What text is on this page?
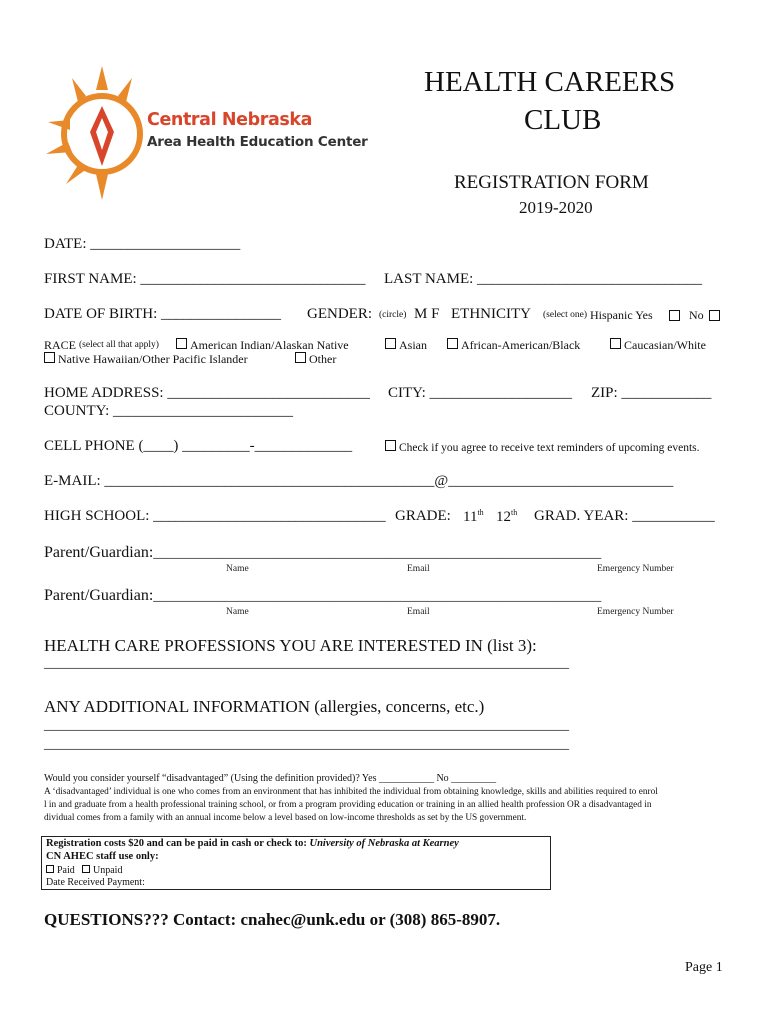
Central Nebraska
Area Health Education Center
HEALTH CAREERS
CLUB
REGISTRATION FORM
2019-2020
DATE: ____________________
FIRST NAME: ______________________________ LAST NAME: ______________________________
DATE OF BIRTH: ________________ GENDER: (circle) M F ETHNICITY (select one) Hispanic Yes	No
RACE (select all that apply)	American Indian/Alaskan Native	Asian	African-American/Black	Caucasian/White
Native Hawaiian/Other Pacific Islander	Other
HOME ADDRESS: ___________________________ CITY: ___________________ ZIP: ____________
COUNTY: ________________________
CELL PHONE (____) _________-_____________	Check if you agree to receive text reminders of upcoming events.
E-MAIL: ____________________________________________@______________________________
HIGH SCHOOL: _______________________________ GRADE: 11th 12th GRAD. YEAR: ___________
Parent/Guardian:________________________________________________________________
Name	Email	Emergency Number
Parent/Guardian:________________________________________________________________
Name	Email	Emergency Number
HEALTH CARE PROFESSIONS YOU ARE INTERESTED IN (list 3):
___________________________________________________________________________
ANY ADDITIONAL INFORMATION (allergies, concerns, etc.)
___________________________________________________________________________
___________________________________________________________________________
Would you consider yourself “disadvantaged” (Using the definition provided)? Yes ___________ No _________
A ‘disadvantaged’ individual is one who comes from an environment that has inhibited the individual from obtaining knowledge, skills and abilities required to enrol
l in and graduate from a health professional training school, or from a program providing education or training in an allied health profession OR a disadvantaged in
dividual comes from a family with an annual income below a level based on low-income thresholds as set by the US government.
Registration costs $20 and can be paid in cash or check to: University of Nebraska at Kearney
CN AHEC staff use only:
Paid	Unpaid
Date Received Payment:
QUESTIONS??? Contact: cnahec@unk.edu or (308) 865-8907.
Page 1
